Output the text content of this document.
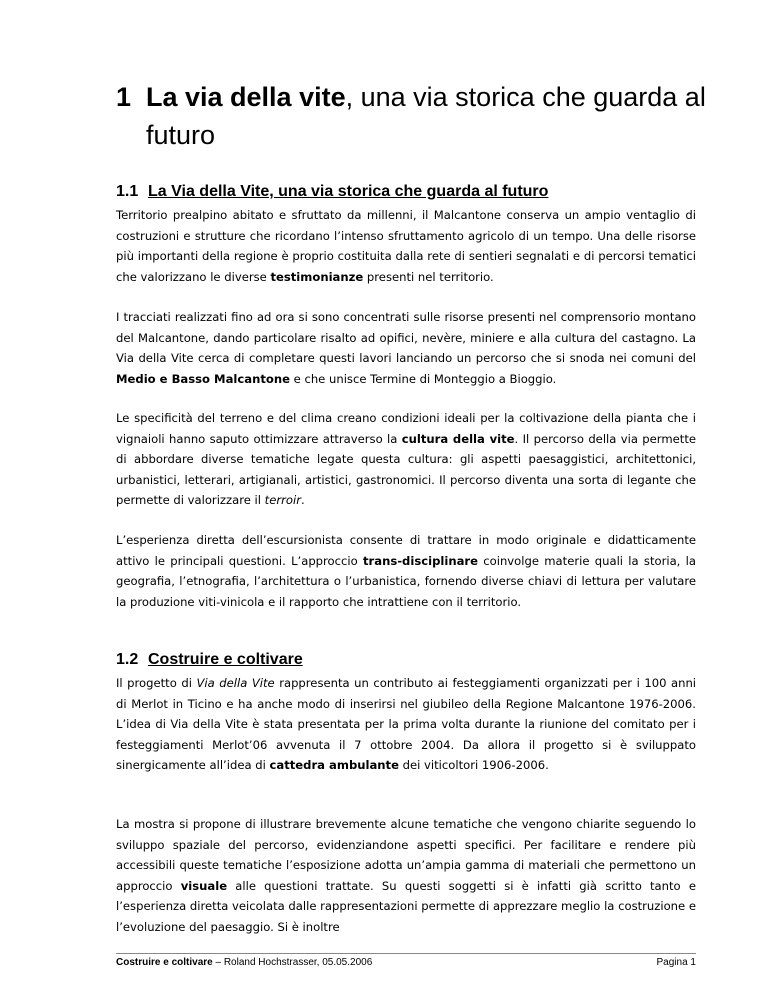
1 La via della vite, una via storica che guarda al
futuro
1.1 La Via della Vite, una via storica che guarda al futuro
Territorio prealpino abitato e sfruttato da millenni, il Malcantone conserva un ampio ventaglio di costruzioni e strutture che ricordano l’intenso sfruttamento agricolo di un tempo. Una delle risorse più importanti della regione è proprio costituita dalla rete di sentieri segnalati e di percorsi tematici che valorizzano le diverse testimonianze presenti nel territorio.
I tracciati realizzati fino ad ora si sono concentrati sulle risorse presenti nel comprensorio montano del Malcantone, dando particolare risalto ad opifici, nevère, miniere e alla cultura del castagno. La Via della Vite cerca di completare questi lavori lanciando un percorso che si snoda nei comuni del Medio e Basso Malcantone e che unisce Termine di Monteggio a Bioggio.
Le specificità del terreno e del clima creano condizioni ideali per la coltivazione della pianta che i vignaioli hanno saputo ottimizzare attraverso la cultura della vite. Il percorso della via permette di abbordare diverse tematiche legate questa cultura: gli aspetti paesaggistici, architettonici, urbanistici, letterari, artigianali, artistici, gastronomici. Il percorso diventa una sorta di legante che permette di valorizzare il terroir.
L’esperienza diretta dell’escursionista consente di trattare in modo originale e didatticamente attivo le principali questioni. L’approccio trans-disciplinare coinvolge materie quali la storia, la geografia, l’etnografia, l’architettura o l’urbanistica, fornendo diverse chiavi di lettura per valutare la produzione viti-vinicola e il rapporto che intrattiene con il territorio.
1.2 Costruire e coltivare
Il progetto di Via della Vite rappresenta un contributo ai festeggiamenti organizzati per i 100 anni di Merlot in Ticino e ha anche modo di inserirsi nel giubileo della Regione Malcantone 1976-2006. L’idea di Via della Vite è stata presentata per la prima volta durante la riunione del comitato per i festeggiamenti Merlot’06 avvenuta il 7 ottobre 2004. Da allora il progetto si è sviluppato sinergicamente all’idea di cattedra ambulante dei viticoltori 1906-2006.
La mostra si propone di illustrare brevemente alcune tematiche che vengono chiarite seguendo lo sviluppo spaziale del percorso, evidenziandone aspetti specifici. Per facilitare e rendere più accessibili queste tematiche l’esposizione adotta un’ampia gamma di materiali che permettono un approccio visuale alle questioni trattate. Su questi soggetti si è infatti già scritto tanto e l’esperienza diretta veicolata dalle rappresentazioni permette di apprezzare meglio la costruzione e l’evoluzione del paesaggio. Si è inoltre
Costruire e coltivare – Roland Hochstrasser, 05.05.2006	Pagina 1
